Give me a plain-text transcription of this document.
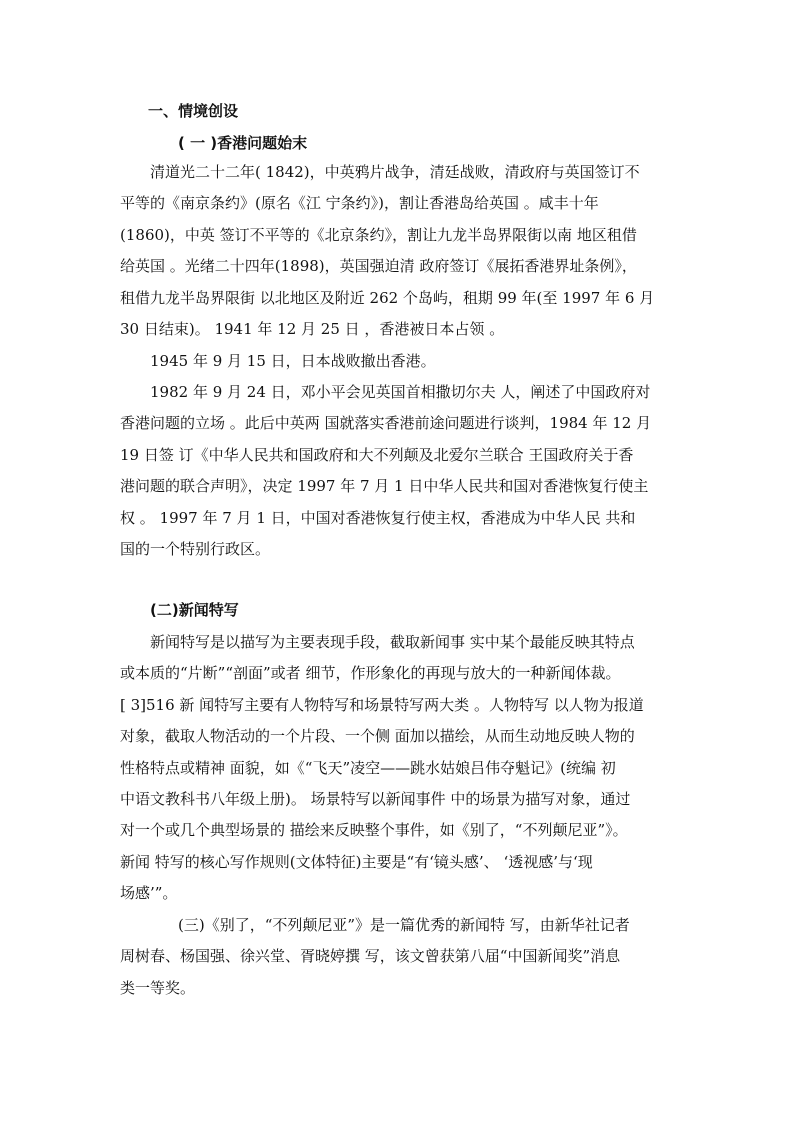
一、情境创设
( 一 )香港问题始末
清道光二十二年( 1842)，中英鸦片战争，清廷战败，清政府与英国签订不
平等的《南京条约》(原名《江 宁条约》)，割让香港岛给英国 。咸丰十年
(1860)，中英 签订不平等的《北京条约》，割让九龙半岛界限街以南 地区租借
给英国 。光绪二十四年(1898)，英国强迫清 政府签订《展拓香港界址条例》，
租借九龙半岛界限街 以北地区及附近 262 个岛屿，租期 99 年(至 1997 年 6 月
30 日结束)。 1941 年 12 月 25 日 ，香港被日本占领 。
1945 年 9 月 15 日，日本战败撤出香港。
1982 年 9 月 24 日，邓小平会见英国首相撒切尔夫 人，阐述了中国政府对
香港问题的立场 。此后中英两 国就落实香港前途问题进行谈判，1984 年 12 月
19 日签 订《中华人民共和国政府和大不列颠及北爱尔兰联合 王国政府关于香
港问题的联合声明》，决定 1997 年 7 月 1 日中华人民共和国对香港恢复行使主
权 。 1997 年 7 月 1 日，中国对香港恢复行使主权，香港成为中华人民 共和
国的一个特别行政区。
(二)新闻特写
新闻特写是以描写为主要表现手段，截取新闻事 实中某个最能反映其特点
或本质的“片断”“剖面”或者 细节，作形象化的再现与放大的一种新闻体裁。
[ 3]516 新 闻特写主要有人物特写和场景特写两大类 。人物特写 以人物为报道
对象，截取人物活动的一个片段、一个侧 面加以描绘，从而生动地反映人物的
性格特点或精神 面貌，如《“飞天”凌空——跳水姑娘吕伟夺魁记》(统编 初
中语文教科书八年级上册)。 场景特写以新闻事件 中的场景为描写对象，通过
对一个或几个典型场景的 描绘来反映整个事件，如《别了，“不列颠尼亚”》。
新闻 特写的核心写作规则(文体特征)主要是“有‘镜头感’、 ‘透视感’与‘现
场感’”。
(三)《别了，“不列颠尼亚”》是一篇优秀的新闻特 写，由新华社记者
周树春、杨国强、徐兴堂、胥晓婷撰 写，该文曾获第八届“中国新闻奖”消息
类一等奖。
